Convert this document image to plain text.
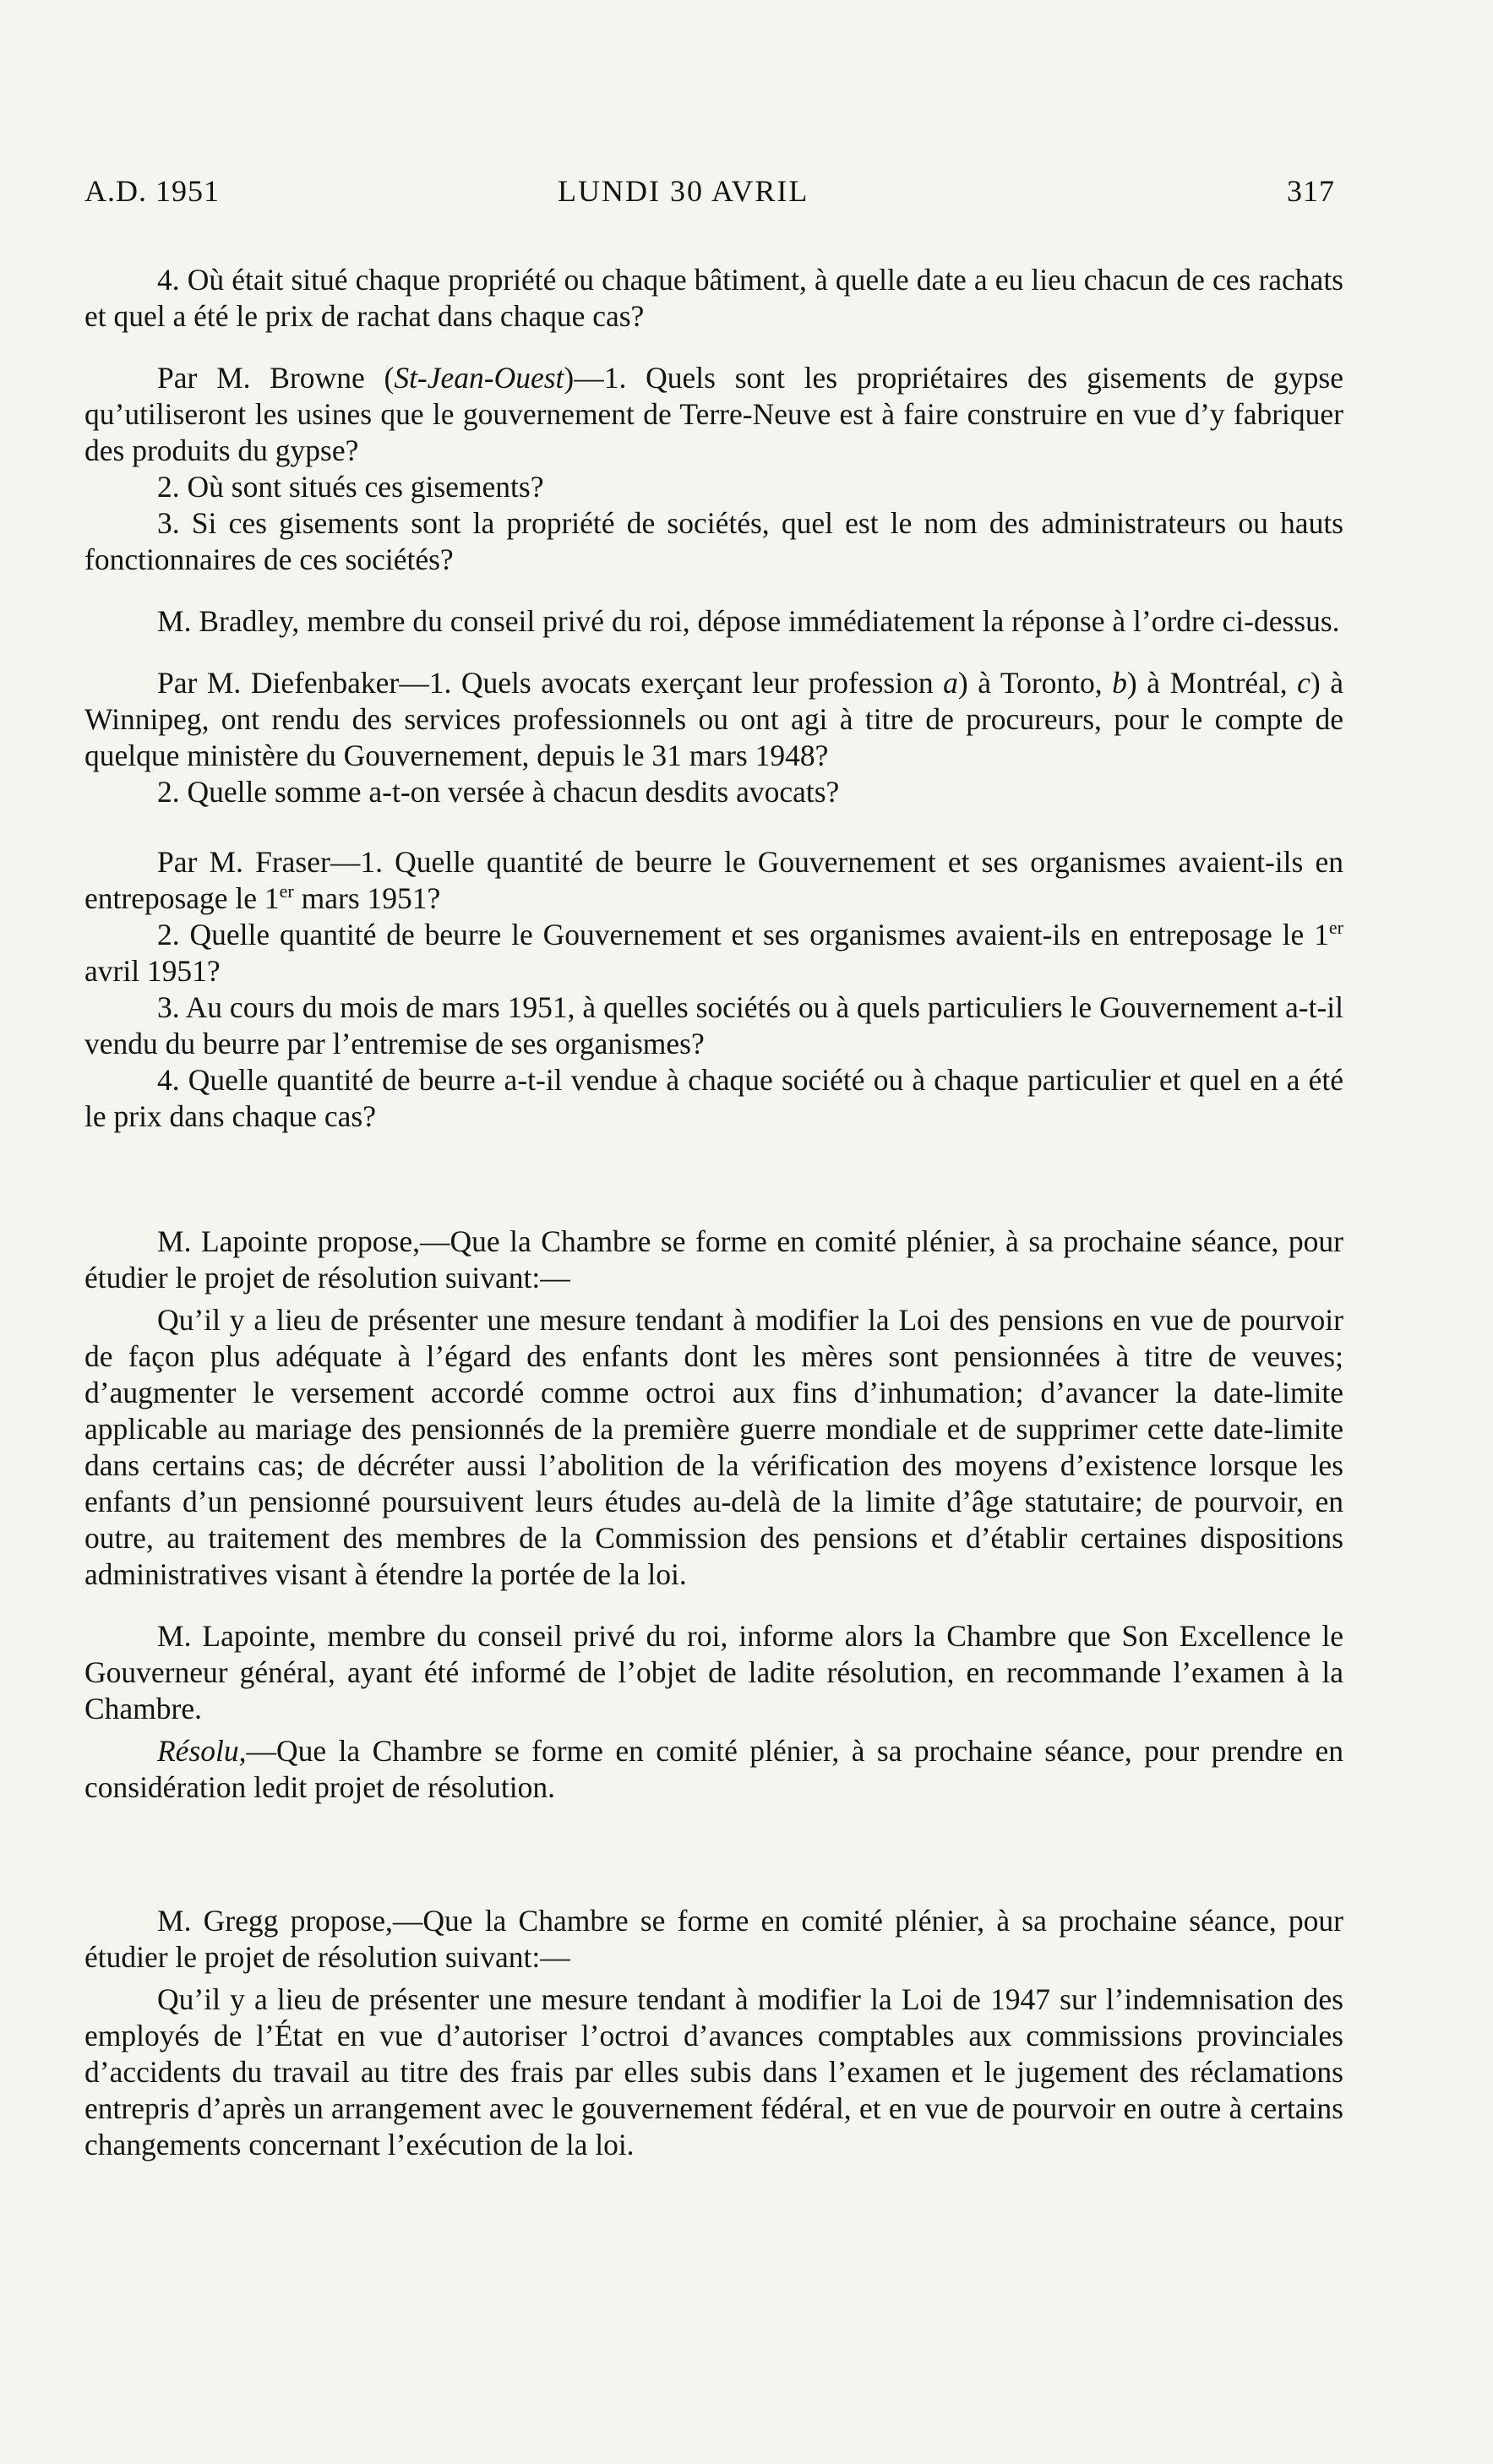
A.D. 1951	LUNDI 30 AVRIL	317

4. Où était situé chaque propriété ou chaque bâtiment, à quelle date a eu lieu chacun de ces rachats et quel a été le prix de rachat dans chaque cas?

Par M. Browne (St-Jean-Ouest)—1. Quels sont les propriétaires des gisements de gypse qu’utiliseront les usines que le gouvernement de Terre-Neuve est à faire construire en vue d’y fabriquer des produits du gypse?

2. Où sont situés ces gisements?

3. Si ces gisements sont la propriété de sociétés, quel est le nom des administrateurs ou hauts fonctionnaires de ces sociétés?

M. Bradley, membre du conseil privé du roi, dépose immédiatement la réponse à l’ordre ci-dessus.

Par M. Diefenbaker—1. Quels avocats exerçant leur profession a) à Toronto, b) à Montréal, c) à Winnipeg, ont rendu des services professionnels ou ont agi à titre de procureurs, pour le compte de quelque ministère du Gouvernement, depuis le 31 mars 1948?

2. Quelle somme a-t-on versée à chacun desdits avocats?

Par M. Fraser—1. Quelle quantité de beurre le Gouvernement et ses organismes avaient-ils en entreposage le 1er mars 1951?

2. Quelle quantité de beurre le Gouvernement et ses organismes avaient-ils en entreposage le 1er avril 1951?

3. Au cours du mois de mars 1951, à quelles sociétés ou à quels particuliers le Gouvernement a-t-il vendu du beurre par l’entremise de ses organismes?

4. Quelle quantité de beurre a-t-il vendue à chaque société ou à chaque particulier et quel en a été le prix dans chaque cas?

M. Lapointe propose,—Que la Chambre se forme en comité plénier, à sa prochaine séance, pour étudier le projet de résolution suivant:—

Qu’il y a lieu de présenter une mesure tendant à modifier la Loi des pensions en vue de pourvoir de façon plus adéquate à l’égard des enfants dont les mères sont pensionnées à titre de veuves; d’augmenter le versement accordé comme octroi aux fins d’inhumation; d’avancer la date-limite applicable au mariage des pensionnés de la première guerre mondiale et de supprimer cette date-limite dans certains cas; de décréter aussi l’abolition de la vérification des moyens d’existence lorsque les enfants d’un pensionné poursuivent leurs études au-delà de la limite d’âge statutaire; de pourvoir, en outre, au traitement des membres de la Commission des pensions et d’établir certaines dispositions administratives visant à étendre la portée de la loi.

M. Lapointe, membre du conseil privé du roi, informe alors la Chambre que Son Excellence le Gouverneur général, ayant été informé de l’objet de ladite résolution, en recommande l’examen à la Chambre.

Résolu,—Que la Chambre se forme en comité plénier, à sa prochaine séance, pour prendre en considération ledit projet de résolution.

M. Gregg propose,—Que la Chambre se forme en comité plénier, à sa prochaine séance, pour étudier le projet de résolution suivant:—

Qu’il y a lieu de présenter une mesure tendant à modifier la Loi de 1947 sur l’indemnisation des employés de l’État en vue d’autoriser l’octroi d’avances comptables aux commissions provinciales d’accidents du travail au titre des frais par elles subis dans l’examen et le jugement des réclamations entrepris d’après un arrangement avec le gouvernement fédéral, et en vue de pourvoir en outre à certains changements concernant l’exécution de la loi.
